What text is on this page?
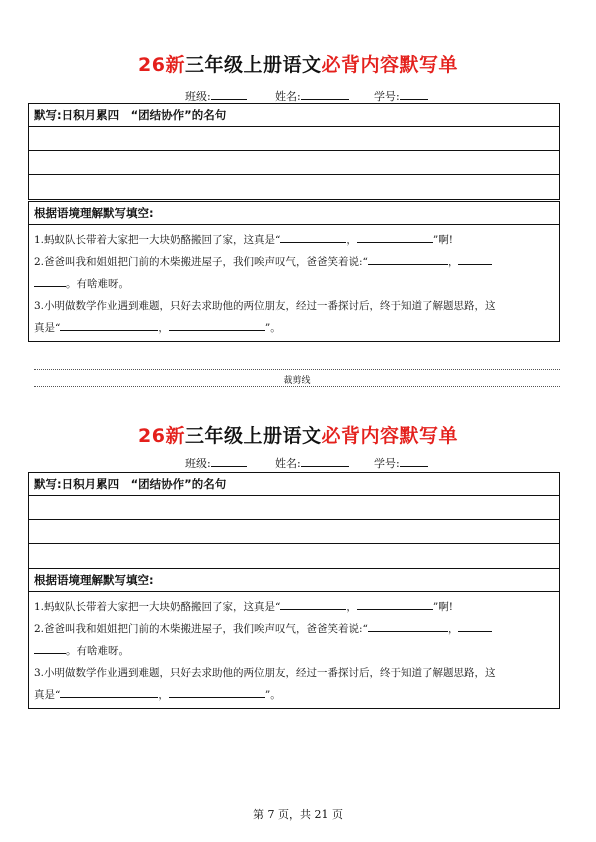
26新三年级上册语文必背内容默写单
班级:	姓名:	学号:
默写:日积月累四　“团结协作”的名句
根据语境理解默写填空:
1.蚂蚁队长带着大家把一大块奶酪搬回了家，这真是“	，	”啊!
2.爸爸叫我和姐姐把门前的木柴搬进屋子，我们唉声叹气，爸爸笑着说:“	，
。有啥难呀。
3.小明做数学作业遇到难题，只好去求助他的两位朋友，经过一番探讨后，终于知道了解题思路，这
真是“	，	”。
裁剪线
26新三年级上册语文必背内容默写单
班级:	姓名:	学号:
默写:日积月累四　“团结协作”的名句
根据语境理解默写填空:
1.蚂蚁队长带着大家把一大块奶酪搬回了家，这真是“	，	”啊!
2.爸爸叫我和姐姐把门前的木柴搬进屋子，我们唉声叹气，爸爸笑着说:“	，
。有啥难呀。
3.小明做数学作业遇到难题，只好去求助他的两位朋友，经过一番探讨后，终于知道了解题思路，这
真是“	，	”。
第 7 页，共 21 页
